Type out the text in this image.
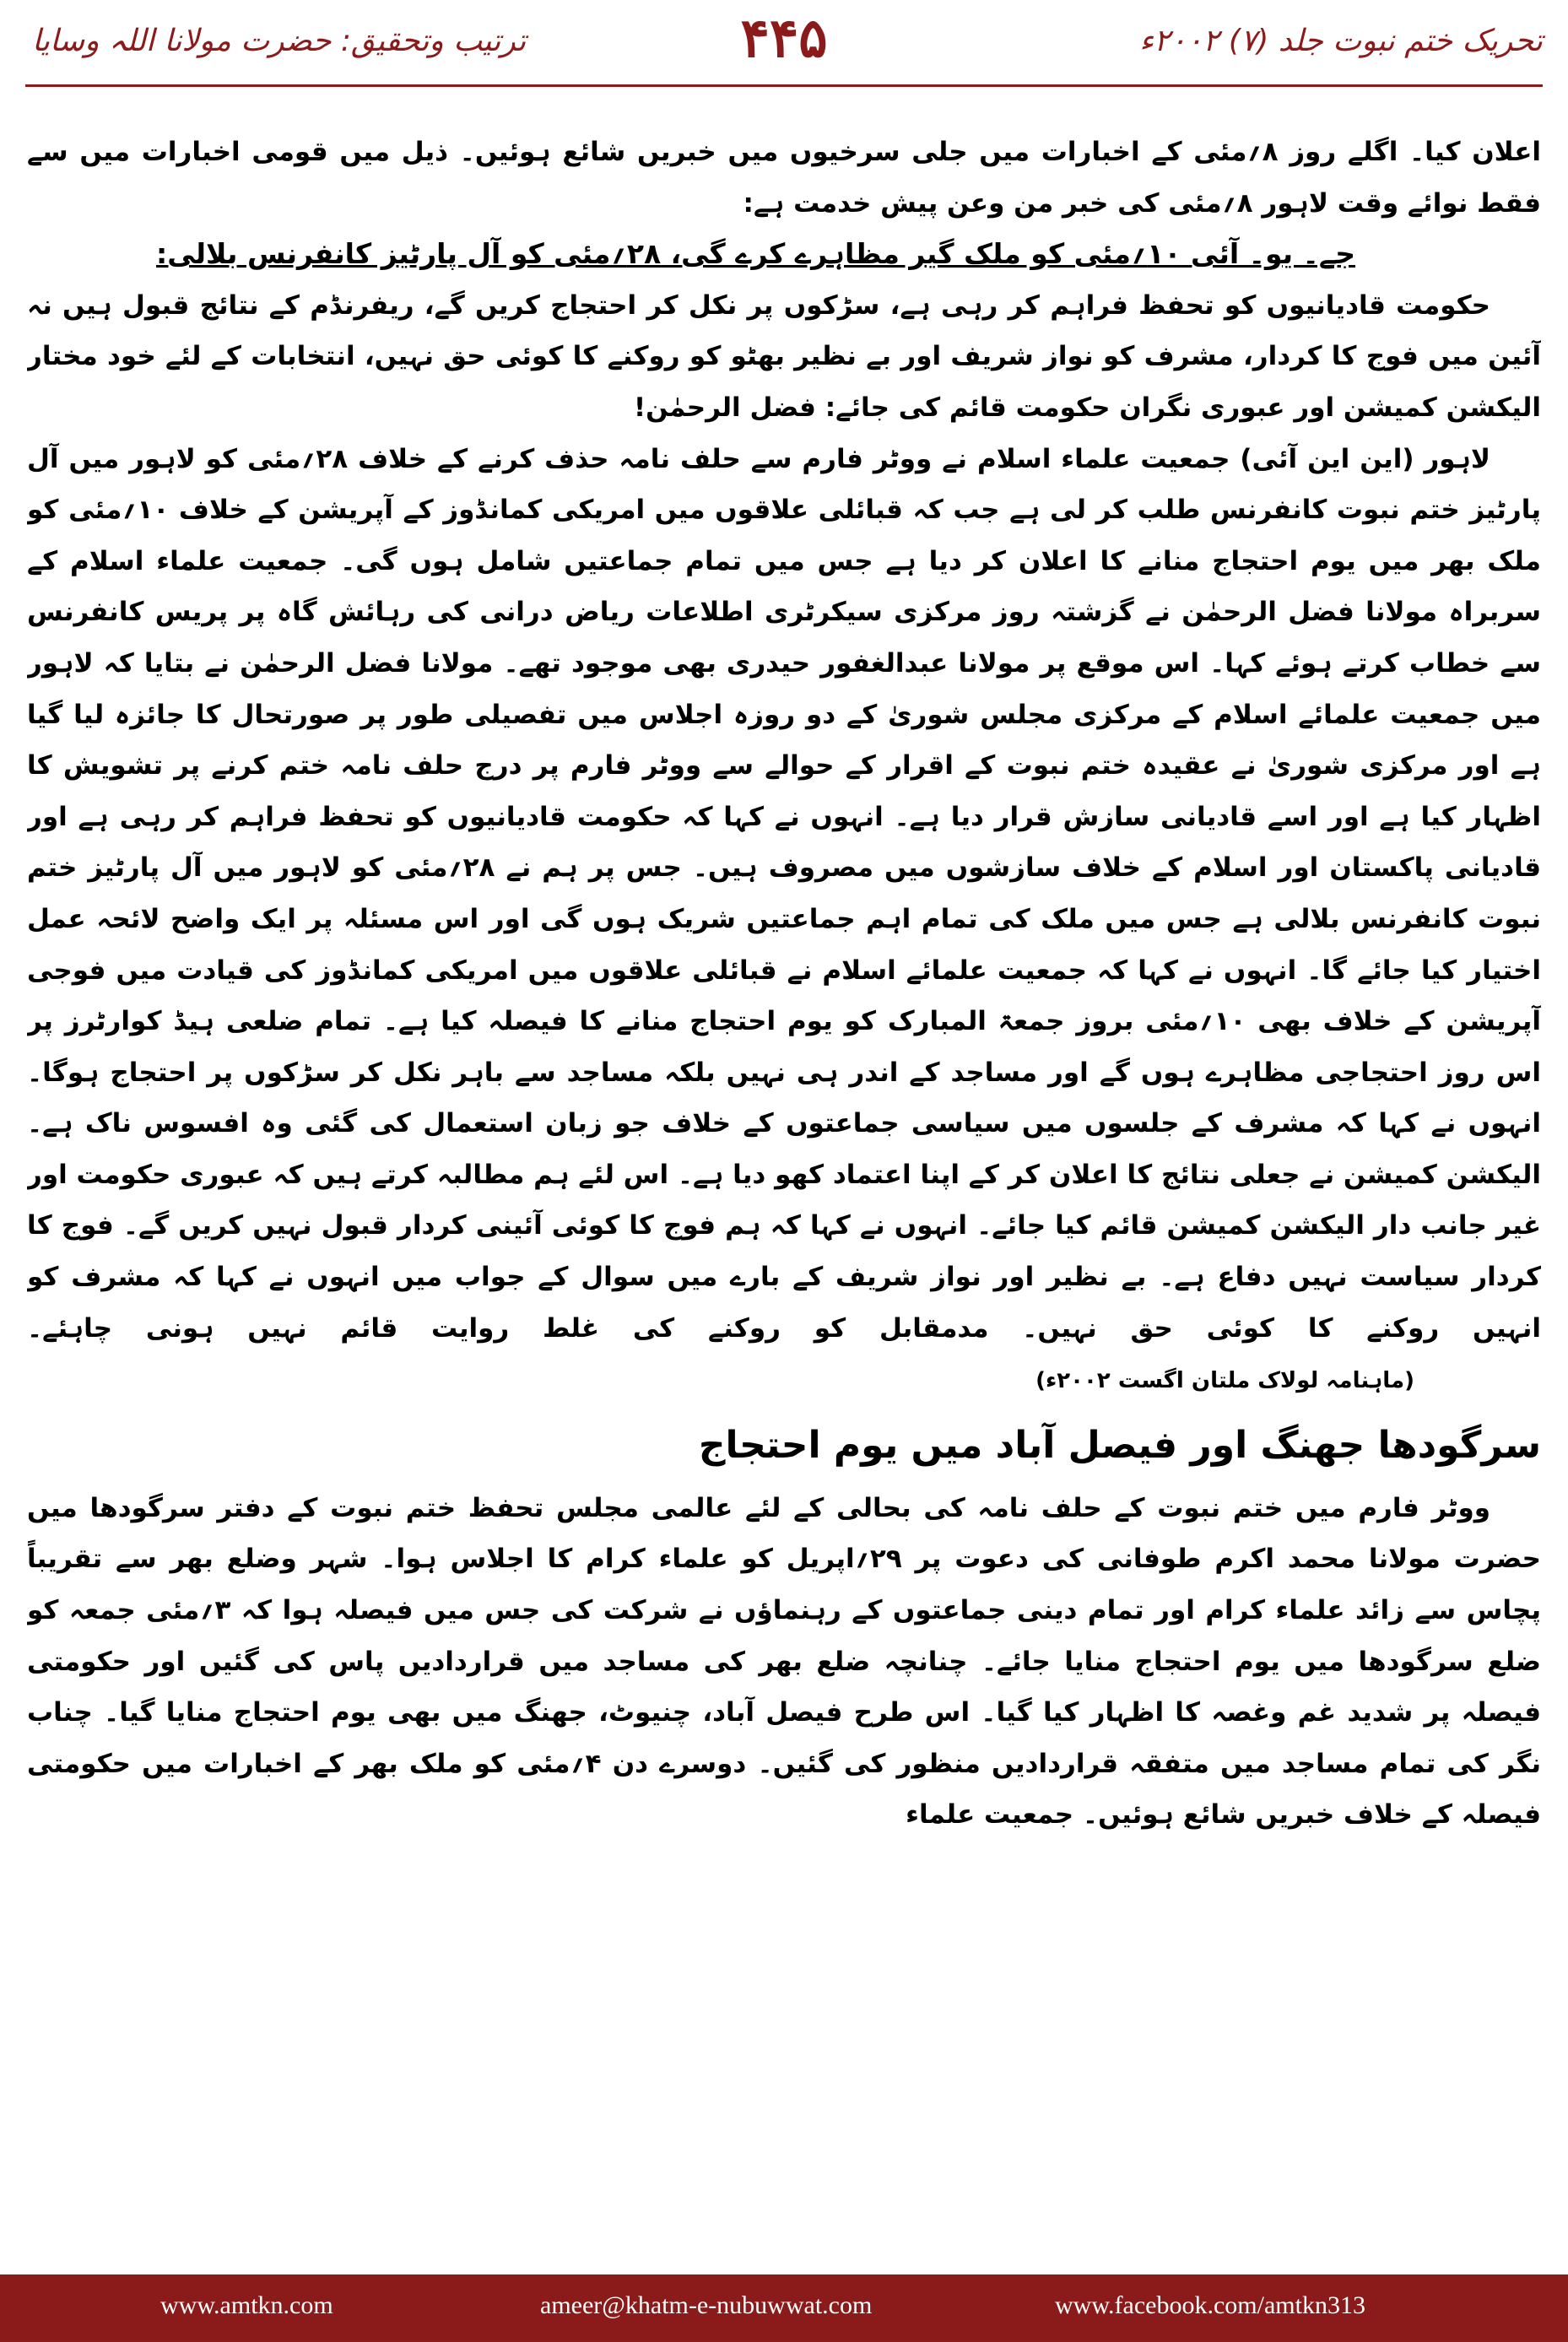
تحریک ختم نبوت جلد (۷) ۲۰۰۲ء
۴۴۵
ترتیب وتحقیق: حضرت مولانا اللہ وسایا

اعلان کیا۔ اگلے روز ۸؍مئی کے اخبارات میں جلی سرخیوں میں خبریں شائع ہوئیں۔ ذیل میں قومی اخبارات میں سے فقط نوائے وقت لاہور ۸؍مئی کی خبر من وعن پیش خدمت ہے:

جے۔ یو۔ آئی ۱۰؍مئی کو ملک گیر مظاہرے کرے گی، ۲۸؍مئی کو آل پارٹیز کانفرنس بلالی:

حکومت قادیانیوں کو تحفظ فراہم کر رہی ہے، سڑکوں پر نکل کر احتجاج کریں گے، ریفرنڈم کے نتائج قبول ہیں نہ آئین میں فوج کا کردار، مشرف کو نواز شریف اور بے نظیر بھٹو کو روکنے کا کوئی حق نہیں، انتخابات کے لئے خود مختار الیکشن کمیشن اور عبوری نگران حکومت قائم کی جائے: فضل الرحمٰن!

لاہور (این این آئی) جمعیت علماء اسلام نے ووٹر فارم سے حلف نامہ حذف کرنے کے خلاف ۲۸؍مئی کو لاہور میں آل پارٹیز ختم نبوت کانفرنس طلب کر لی ہے جب کہ قبائلی علاقوں میں امریکی کمانڈوز کے آپریشن کے خلاف ۱۰؍مئی کو ملک بھر میں یوم احتجاج منانے کا اعلان کر دیا ہے جس میں تمام جماعتیں شامل ہوں گی۔ جمعیت علماء اسلام کے سربراہ مولانا فضل الرحمٰن نے گزشتہ روز مرکزی سیکرٹری اطلاعات ریاض درانی کی رہائش گاہ پر پریس کانفرنس سے خطاب کرتے ہوئے کہا۔ اس موقع پر مولانا عبدالغفور حیدری بھی موجود تھے۔ مولانا فضل الرحمٰن نے بتایا کہ لاہور میں جمعیت علمائے اسلام کے مرکزی مجلس شوریٰ کے دو روزہ اجلاس میں تفصیلی طور پر صورتحال کا جائزہ لیا گیا ہے اور مرکزی شوریٰ نے عقیدہ ختم نبوت کے اقرار کے حوالے سے ووٹر فارم پر درج حلف نامہ ختم کرنے پر تشویش کا اظہار کیا ہے اور اسے قادیانی سازش قرار دیا ہے۔ انہوں نے کہا کہ حکومت قادیانیوں کو تحفظ فراہم کر رہی ہے اور قادیانی پاکستان اور اسلام کے خلاف سازشوں میں مصروف ہیں۔ جس پر ہم نے ۲۸؍مئی کو لاہور میں آل پارٹیز ختم نبوت کانفرنس بلالی ہے جس میں ملک کی تمام اہم جماعتیں شریک ہوں گی اور اس مسئلہ پر ایک واضح لائحہ عمل اختیار کیا جائے گا۔ انہوں نے کہا کہ جمعیت علمائے اسلام نے قبائلی علاقوں میں امریکی کمانڈوز کی قیادت میں فوجی آپریشن کے خلاف بھی ۱۰؍مئی بروز جمعۃ المبارک کو یوم احتجاج منانے کا فیصلہ کیا ہے۔ تمام ضلعی ہیڈ کوارٹرز پر اس روز احتجاجی مظاہرے ہوں گے اور مساجد کے اندر ہی نہیں بلکہ مساجد سے باہر نکل کر سڑکوں پر احتجاج ہوگا۔ انہوں نے کہا کہ مشرف کے جلسوں میں سیاسی جماعتوں کے خلاف جو زبان استعمال کی گئی وہ افسوس ناک ہے۔ الیکشن کمیشن نے جعلی نتائج کا اعلان کر کے اپنا اعتماد کھو دیا ہے۔ اس لئے ہم مطالبہ کرتے ہیں کہ عبوری حکومت اور غیر جانب دار الیکشن کمیشن قائم کیا جائے۔ انہوں نے کہا کہ ہم فوج کا کوئی آئینی کردار قبول نہیں کریں گے۔ فوج کا کردار سیاست نہیں دفاع ہے۔ بے نظیر اور نواز شریف کے بارے میں سوال کے جواب میں انہوں نے کہا کہ مشرف کو انہیں روکنے کا کوئی حق نہیں۔ مدمقابل کو روکنے کی غلط روایت قائم نہیں ہونی چاہئے۔ (ماہنامہ لولاک ملتان اگست ۲۰۰۲ء)

سرگودھا جھنگ اور فیصل آباد میں یوم احتجاج

ووٹر فارم میں ختم نبوت کے حلف نامہ کی بحالی کے لئے عالمی مجلس تحفظ ختم نبوت کے دفتر سرگودھا میں حضرت مولانا محمد اکرم طوفانی کی دعوت پر ۲۹؍اپریل کو علماء کرام کا اجلاس ہوا۔ شہر وضلع بھر سے تقریباً پچاس سے زائد علماء کرام اور تمام دینی جماعتوں کے رہنماؤں نے شرکت کی جس میں فیصلہ ہوا کہ ۳؍مئی جمعہ کو ضلع سرگودھا میں یوم احتجاج منایا جائے۔ چنانچہ ضلع بھر کی مساجد میں قراردادیں پاس کی گئیں اور حکومتی فیصلہ پر شدید غم وغصہ کا اظہار کیا گیا۔ اس طرح فیصل آباد، چنیوٹ، جھنگ میں بھی یوم احتجاج منایا گیا۔ چناب نگر کی تمام مساجد میں متفقہ قراردادیں منظور کی گئیں۔ دوسرے دن ۴؍مئی کو ملک بھر کے اخبارات میں حکومتی فیصلہ کے خلاف خبریں شائع ہوئیں۔ جمعیت علماء

www.amtkn.com	ameer@khatm-e-nubuwwat.com	www.facebook.com/amtkn313
